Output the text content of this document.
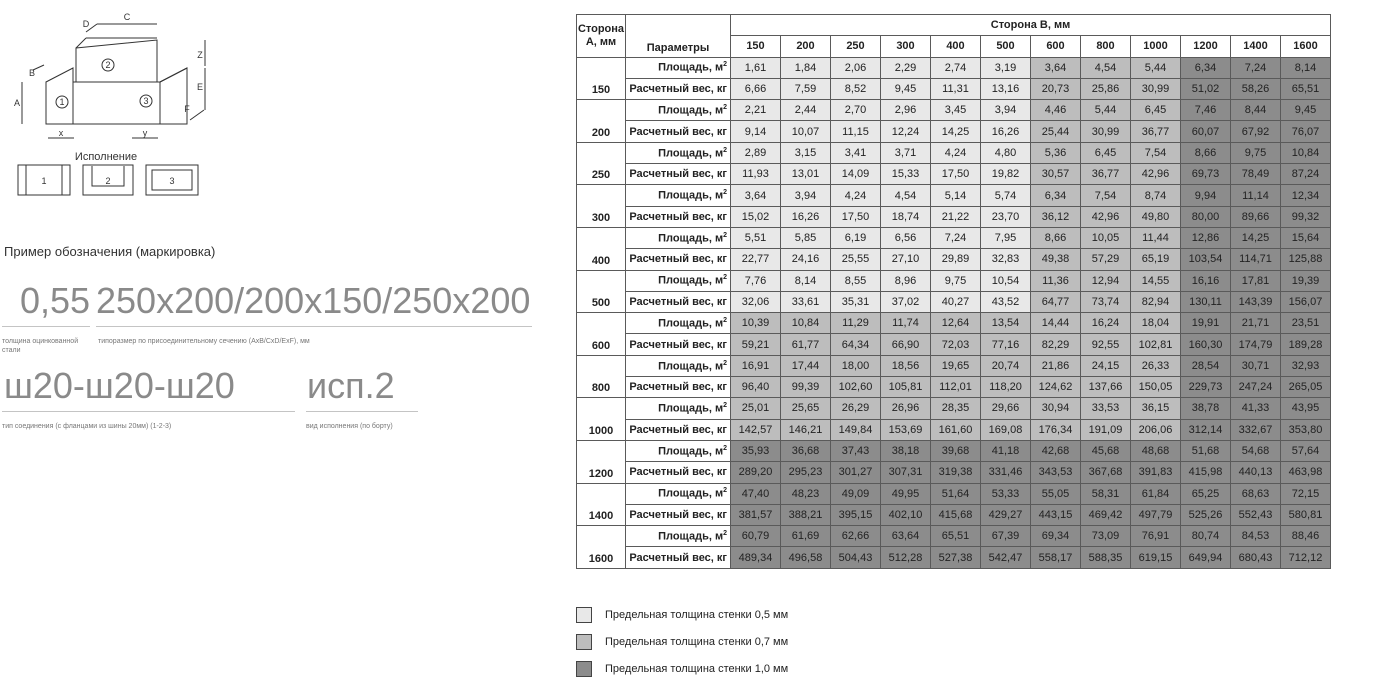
C
D
Z
B
A
E
F
x	y
1
2
3
Исполнение
1	2	3
Пример обозначения (маркировка)
0,55 250x200/200x150/250x200
толщина оцинкованной стали
типоразмер по присоединительному сечению (AxB/CxD/ExF), мм
ш20-ш20-ш20 исп.2
тип соединения (с фланцами из шины 20мм) (1-2-3)	вид исполнения (по борту)
Сторона А, мм	Параметры	Сторона В, мм											
		150	200	250	300	400	500	600	800	1000	1200	1400	1600
150	Площадь, $м^2$	1,61	1,84	2,06	2,29	2,74	3,19	3,64	4,54	5,44	6,34	7,24	8,14
	Расчетный вес, кг	6,66	7,59	8,52	9,45	11,31	13,16	20,73	25,86	30,99	51,02	58,26	65,51
200	Площадь, $м^2$	2,21	2,44	2,70	2,96	3,45	3,94	4,46	5,44	6,45	7,46	8,44	9,45
	Расчетный вес, кг	9,14	10,07	11,15	12,24	14,25	16,26	25,44	30,99	36,77	60,07	67,92	76,07
250	Площадь, $м^2$	2,89	3,15	3,41	3,71	4,24	4,80	5,36	6,45	7,54	8,66	9,75	10,84
	Расчетный вес, кг	11,93	13,01	14,09	15,33	17,50	19,82	30,57	36,77	42,96	69,73	78,49	87,24
300	Площадь, $м^2$	3,64	3,94	4,24	4,54	5,14	5,74	6,34	7,54	8,74	9,94	11,14	12,34
	Расчетный вес, кг	15,02	16,26	17,50	18,74	21,22	23,70	36,12	42,96	49,80	80,00	89,66	99,32
400	Площадь, $м^2$	5,51	5,85	6,19	6,56	7,24	7,95	8,66	10,05	11,44	12,86	14,25	15,64
	Расчетный вес, кг	22,77	24,16	25,55	27,10	29,89	32,83	49,38	57,29	65,19	103,54	114,71	125,88
500	Площадь, $м^2$	7,76	8,14	8,55	8,96	9,75	10,54	11,36	12,94	14,55	16,16	17,81	19,39
	Расчетный вес, кг	32,06	33,61	35,31	37,02	40,27	43,52	64,77	73,74	82,94	130,11	143,39	156,07
600	Площадь, $м^2$	10,39	10,84	11,29	11,74	12,64	13,54	14,44	16,24	18,04	19,91	21,71	23,51
	Расчетный вес, кг	59,21	61,77	64,34	66,90	72,03	77,16	82,29	92,55	102,81	160,30	174,79	189,28
800	Площадь, $м^2$	16,91	17,44	18,00	18,56	19,65	20,74	21,86	24,15	26,33	28,54	30,71	32,93
	Расчетный вес, кг	96,40	99,39	102,60	105,81	112,01	118,20	124,62	137,66	150,05	229,73	247,24	265,05
1000	Площадь, $м^2$	25,01	25,65	26,29	26,96	28,35	29,66	30,94	33,53	36,15	38,78	41,33	43,95
	Расчетный вес, кг	142,57	146,21	149,84	153,69	161,60	169,08	176,34	191,09	206,06	312,14	332,67	353,80
1200	Площадь, $м^2$	35,93	36,68	37,43	38,18	39,68	41,18	42,68	45,68	48,68	51,68	54,68	57,64
	Расчетный вес, кг	289,20	295,23	301,27	307,31	319,38	331,46	343,53	367,68	391,83	415,98	440,13	463,98
1400	Площадь, $м^2$	47,40	48,23	49,09	49,95	51,64	53,33	55,05	58,31	61,84	65,25	68,63	72,15
	Расчетный вес, кг	381,57	388,21	395,15	402,10	415,68	429,27	443,15	469,42	497,79	525,26	552,43	580,81
1600	Площадь, $м^2$	60,79	61,69	62,66	63,64	65,51	67,39	69,34	73,09	76,91	80,74	84,53	88,46
	Расчетный вес, кг	489,34	496,58	504,43	512,28	527,38	542,47	558,17	588,35	619,15	649,94	680,43	712,12
Предельная толщина стенки 0,5 мм
Предельная толщина стенки 0,7 мм
Предельная толщина стенки 1,0 мм
